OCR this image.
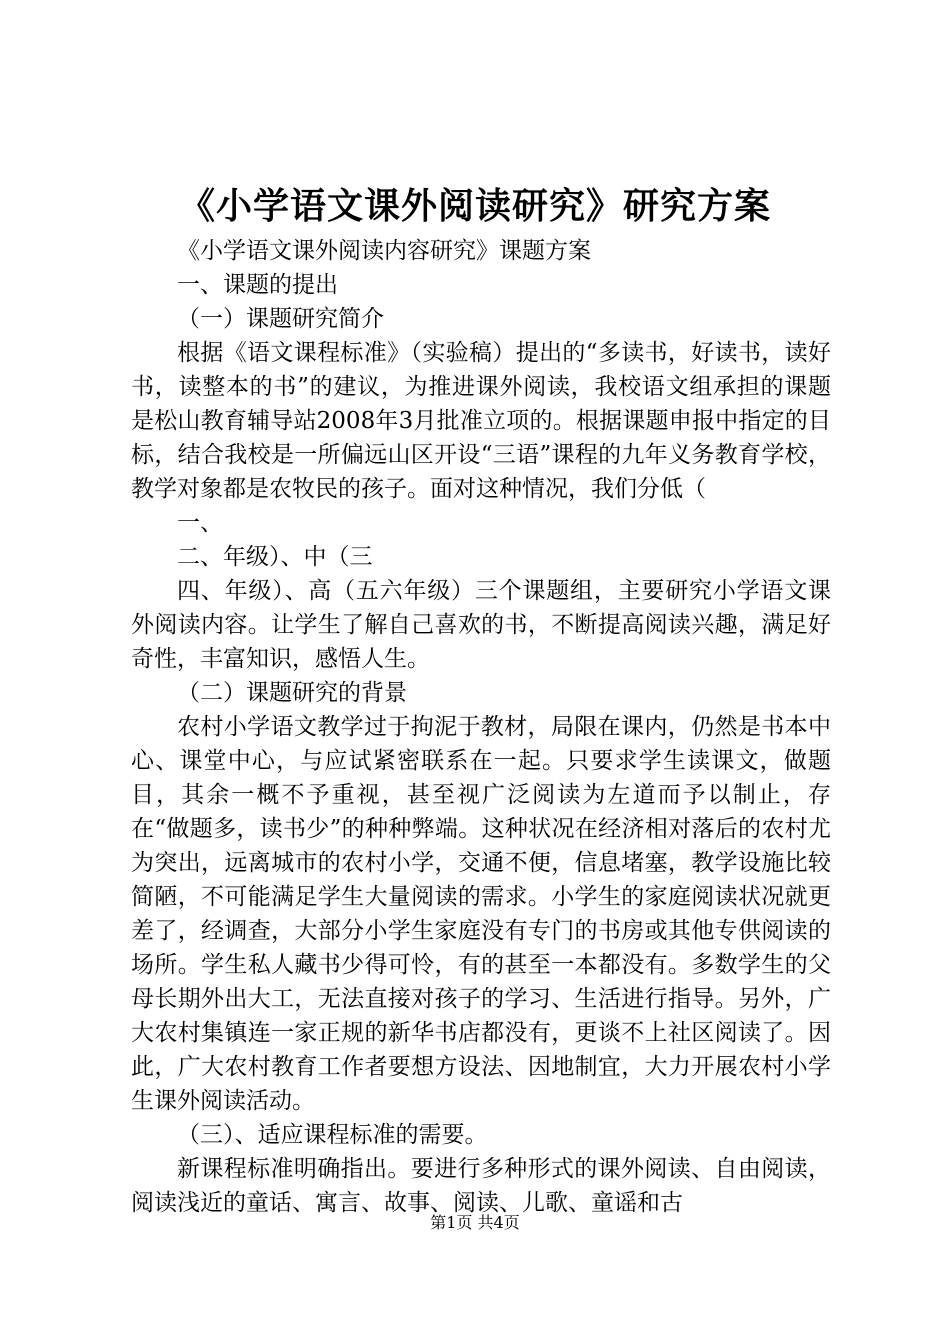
《小学语文课外阅读研究》研究方案

《小学语文课外阅读内容研究》课题方案

一、课题的提出

（一）课题研究简介

根据《语文课程标准》（实验稿）提出的“多读书，好读书，读好书，读整本的书”的建议，为推进课外阅读，我校语文组承担的课题是松山教育辅导站2008年3月批准立项的。根据课题申报中指定的目标，结合我校是一所偏远山区开设“三语”课程的九年义务教育学校，教学对象都是农牧民的孩子。面对这种情况，我们分低（

一、

二、年级）、中（三

四、年级）、高（五六年级）三个课题组，主要研究小学语文课外阅读内容。让学生了解自己喜欢的书，不断提高阅读兴趣，满足好奇性，丰富知识，感悟人生。

（二）课题研究的背景

农村小学语文教学过于拘泥于教材，局限在课内，仍然是书本中心、课堂中心，与应试紧密联系在一起。只要求学生读课文，做题目，其余一概不予重视，甚至视广泛阅读为左道而予以制止，存在“做题多，读书少”的种种弊端。这种状况在经济相对落后的农村尤为突出，远离城市的农村小学，交通不便，信息堵塞，教学设施比较简陋，不可能满足学生大量阅读的需求。小学生的家庭阅读状况就更差了，经调查，大部分小学生家庭没有专门的书房或其他专供阅读的场所。学生私人藏书少得可怜，有的甚至一本都没有。多数学生的父母长期外出大工，无法直接对孩子的学习、生活进行指导。另外，广大农村集镇连一家正规的新华书店都没有，更谈不上社区阅读了。因此，广大农村教育工作者要想方设法、因地制宜，大力开展农村小学生课外阅读活动。

（三）、适应课程标准的需要。

新课程标准明确指出。要进行多种形式的课外阅读、自由阅读，阅读浅近的童话、寓言、故事、阅读、儿歌、童谣和古

第1页 共4页
